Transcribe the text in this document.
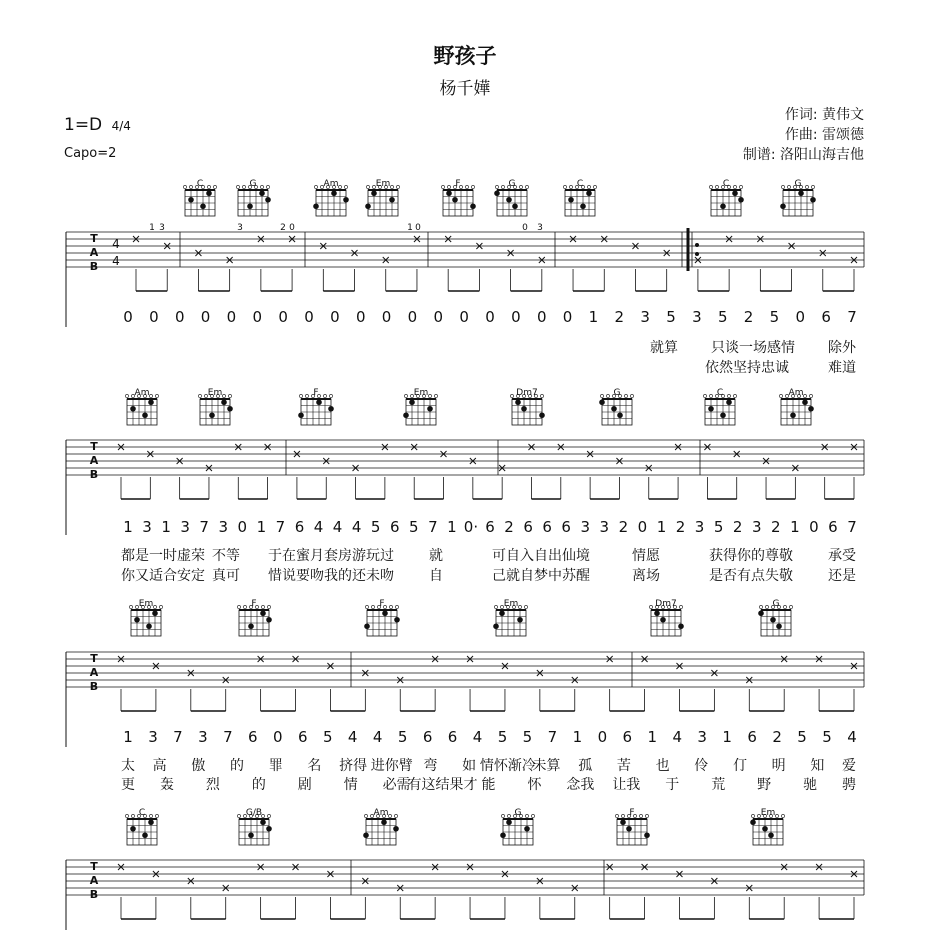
野孩子
杨千嬅
1=D 4/4
Capo=2
作词: 黄伟文
作曲: 雷颂德
制谱: 洛阳山海吉他
T
A
B
4
4
C	G	Am	Em	F	G	C	C	G
1 3	3	2 0	1 0	0 3
0 0 0 0 0 0 0 0 0 0 0 0 0 0 0 0 0 0 1 2 3 5 3 5 2 5 0 6 7
就算 只谈一场感情 除外
依然坚持忠诚	难道
T
A
B
Am	Em	F	Em	Dm7	G	C	Am
1 3 1 3 7 3 0 1 7 6 4 4 4 5 6 5 7 1 0· 6 2 6 6 6 3 3 2 0 1 2 3 5 2 3 2 1 0 6 7
都是一时虚荣 不等 于在蜜月套房游玩过	就	可自入自出仙境	情愿	获得你的尊敬	承受
你又适合安定 真可 惜说要吻我的还未吻	自	己就自梦中苏醒	离场	是否有点失敬	还是
T
A
B
Em	F	F	Em	Dm7	G
1 3 7 3 7 6 0 6 5 4 4 5 6 6 4 5 5 7 1 0 6 1 4 3 1 6 2 5 5 4
太 高 傲 的 罪 名 挤得 进你臂 弯 如 情怀渐冷
未算 孤 苦 也 伶 仃 明 知 爱
更 轰 烈 的 剧 情 必需
有这结果才 能 怀 念我 让我 于 荒 野 驰 骋
T
A
B
C	G/B	Am	G	F	Em
